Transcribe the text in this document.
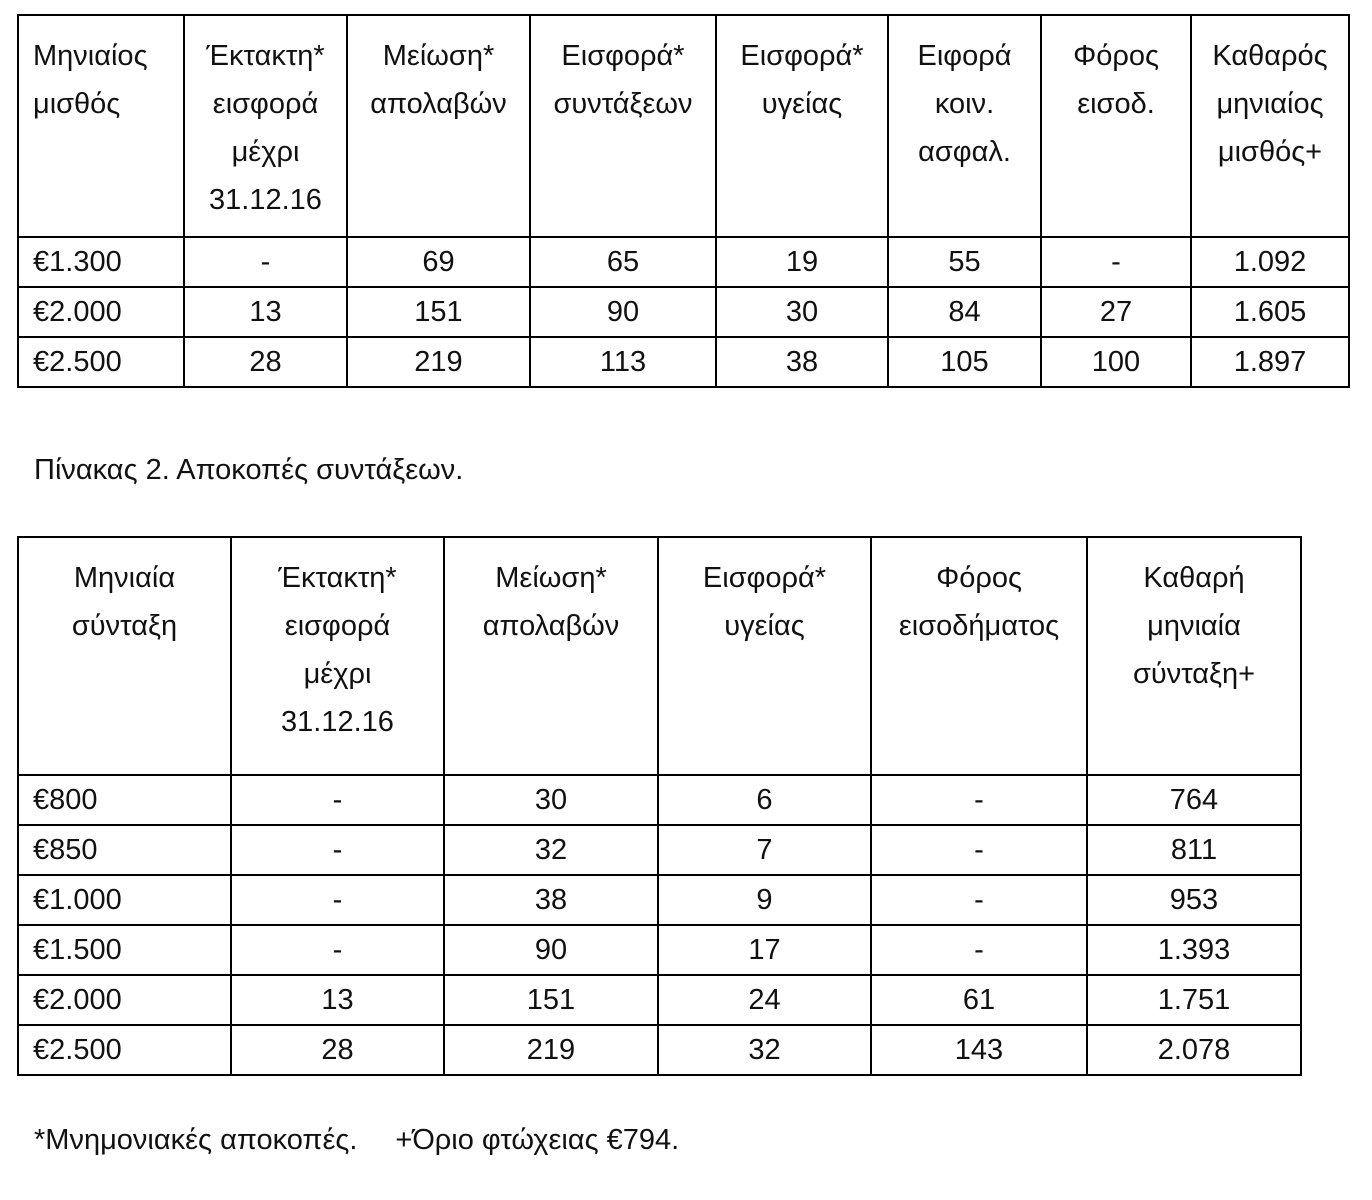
Μηνιαίος
μισθός	Έκτακτη*
εισφορά
μέχρι
31.12.16	Μείωση*
απολαβών	Εισφορά*
συντάξεων	Εισφορά*
υγείας	Ειφορά
κοιν.
ασφαλ.	Φόρος
εισοδ.	Καθαρός
μηνιαίος
μισθός+

€1.300	-	69	65	19	55	-	1.092
€2.000	13	151	90	30	84	27	1.605
€2.500	28	219	113	38	105	100	1.897
Πίνακας 2. Αποκοπές συντάξεων.
Μηνιαία
σύνταξη	Έκτακτη*
εισφορά
μέχρι
31.12.16	Μείωση*
απολαβών	Εισφορά*
υγείας	Φόρος
εισοδήματος	Καθαρή
μηνιαία
σύνταξη+

€800	-	30	6	-	764
€850	-	32	7	-	811
€1.000	-	38	9	-	953
€1.500	-	90	17	-	1.393
€2.000	13	151	24	61	1.751
€2.500	28	219	32	143	2.078
*Μνημονιακές αποκοπές. +Όριο φτώχειας €794.
